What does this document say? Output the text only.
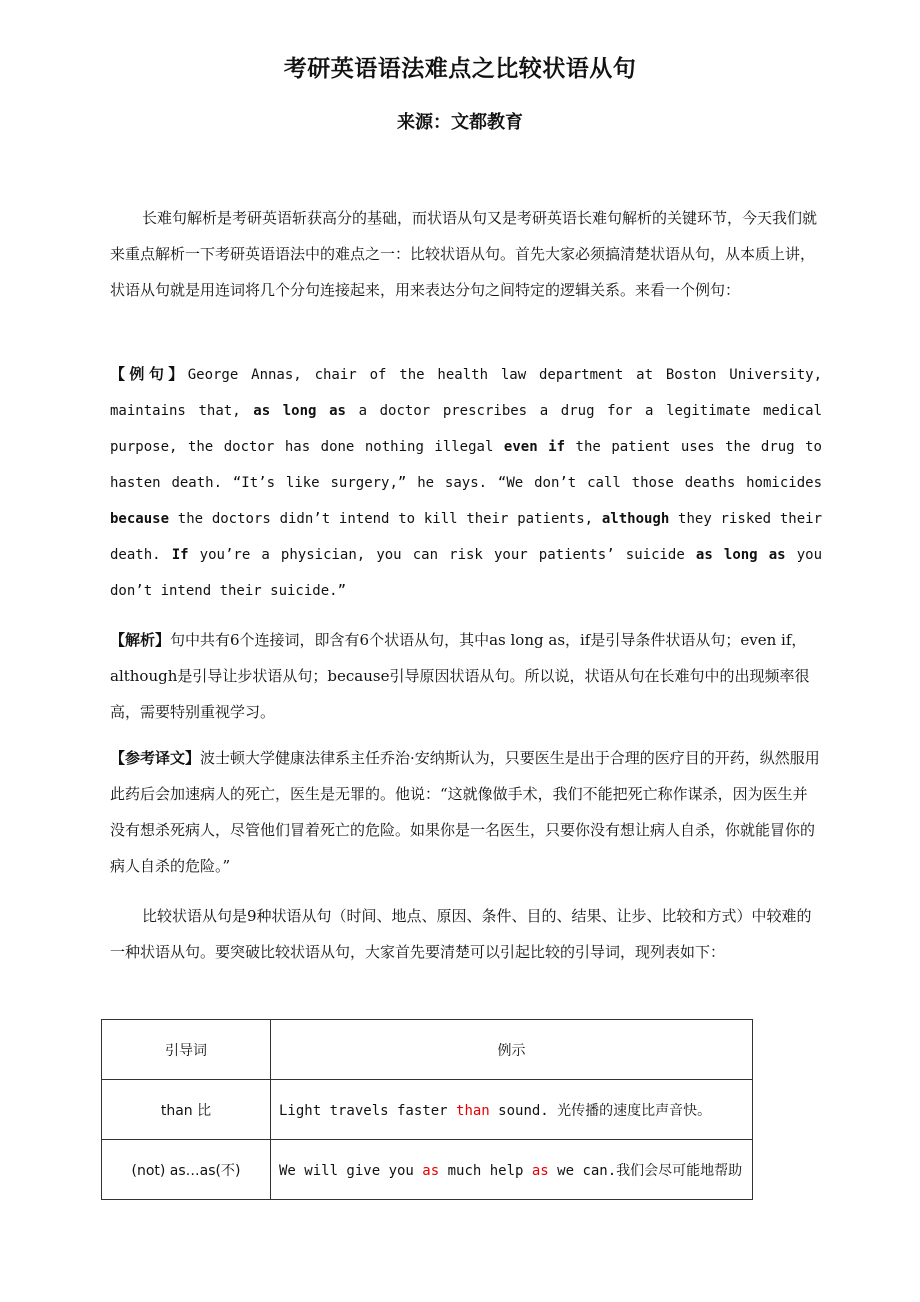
考研英语语法难点之比较状语从句
来源：文都教育

长难句解析是考研英语斩获高分的基础，而状语从句又是考研英语长难句解析的关键环节，今天我们就来重点解析一下考研英语语法中的难点之一：比较状语从句。首先大家必须搞清楚状语从句，从本质上讲，状语从句就是用连词将几个分句连接起来，用来表达分句之间特定的逻辑关系。来看一个例句：

【例句】George Annas, chair of the health law department at Boston University, maintains that, as long as a doctor prescribes a drug for a legitimate medical purpose, the doctor has done nothing illegal even if the patient uses the drug to hasten death. “It’s like surgery,” he says. “We don’t call those deaths homicides because the doctors didn’t intend to kill their patients, although they risked their death. If you’re a physician, you can risk your patients’ suicide as long as you don’t intend their suicide.”

【解析】句中共有6个连接词，即含有6个状语从句，其中as long as，if是引导条件状语从句；even if，although是引导让步状语从句；because引导原因状语从句。所以说，状语从句在长难句中的出现频率很高，需要特别重视学习。

【参考译文】波士顿大学健康法律系主任乔治·安纳斯认为，只要医生是出于合理的医疗目的开药，纵然服用此药后会加速病人的死亡，医生是无罪的。他说：“这就像做手术，我们不能把死亡称作谋杀，因为医生并没有想杀死病人，尽管他们冒着死亡的危险。如果你是一名医生，只要你没有想让病人自杀，你就能冒你的病人自杀的危险。”

比较状语从句是9种状语从句（时间、地点、原因、条件、目的、结果、让步、比较和方式）中较难的一种状语从句。要突破比较状语从句，大家首先要清楚可以引起比较的引导词，现列表如下：

引导词	例示
than 比	Light travels faster than sound. 光传播的速度比声音快。
(not) as…as(不)	We will give you as much help as we can.我们会尽可能地帮助
